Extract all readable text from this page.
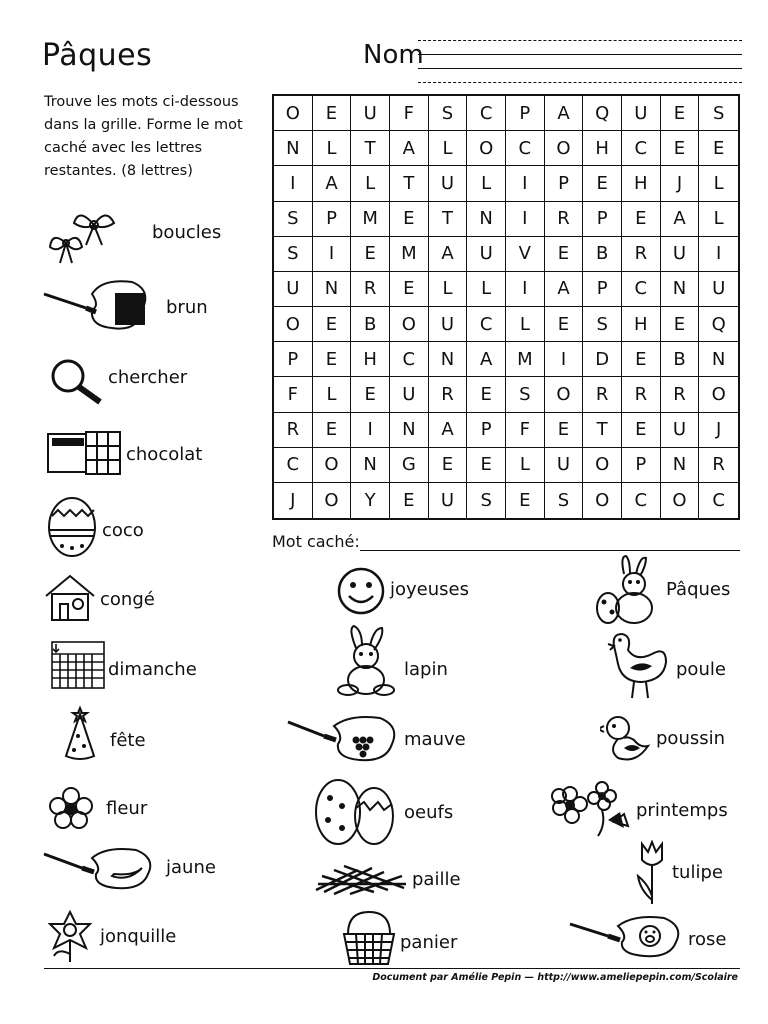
Pâques	Nom
Trouve les mots ci-dessous dans la grille. Forme le mot caché avec les lettres restantes. (8 lettres)
O	E	U	F	S	C	P	A	Q	U	E	S
N	L	T	A	L	O	C	O	H	C	E	E
I	A	L	T	U	L	I	P	E	H	J	L
S	P	M	E	T	N	I	R	P	E	A	L
S	I	E	M	A	U	V	E	B	R	U	I
U	N	R	E	L	L	I	A	P	C	N	U
O	E	B	O	U	C	L	E	S	H	E	Q
P	E	H	C	N	A	M	I	D	E	B	N
F	L	E	U	R	E	S	O	R	R	R	O
R	E	I	N	A	P	F	E	T	E	U	J
C	O	N	G	E	E	L	U	O	P	N	R
J	O	Y	E	U	S	E	S	O	C	O	C
Mot caché:
boucles
brun
chercher
chocolat
coco
congé
dimanche
fête
fleur
jaune
jonquille
joyeuses
lapin
mauve
oeufs
paille
panier
Pâques
poule
poussin
printemps
tulipe
rose
Document par Amélie Pepin — http://www.ameliepepin.com/Scolaire
